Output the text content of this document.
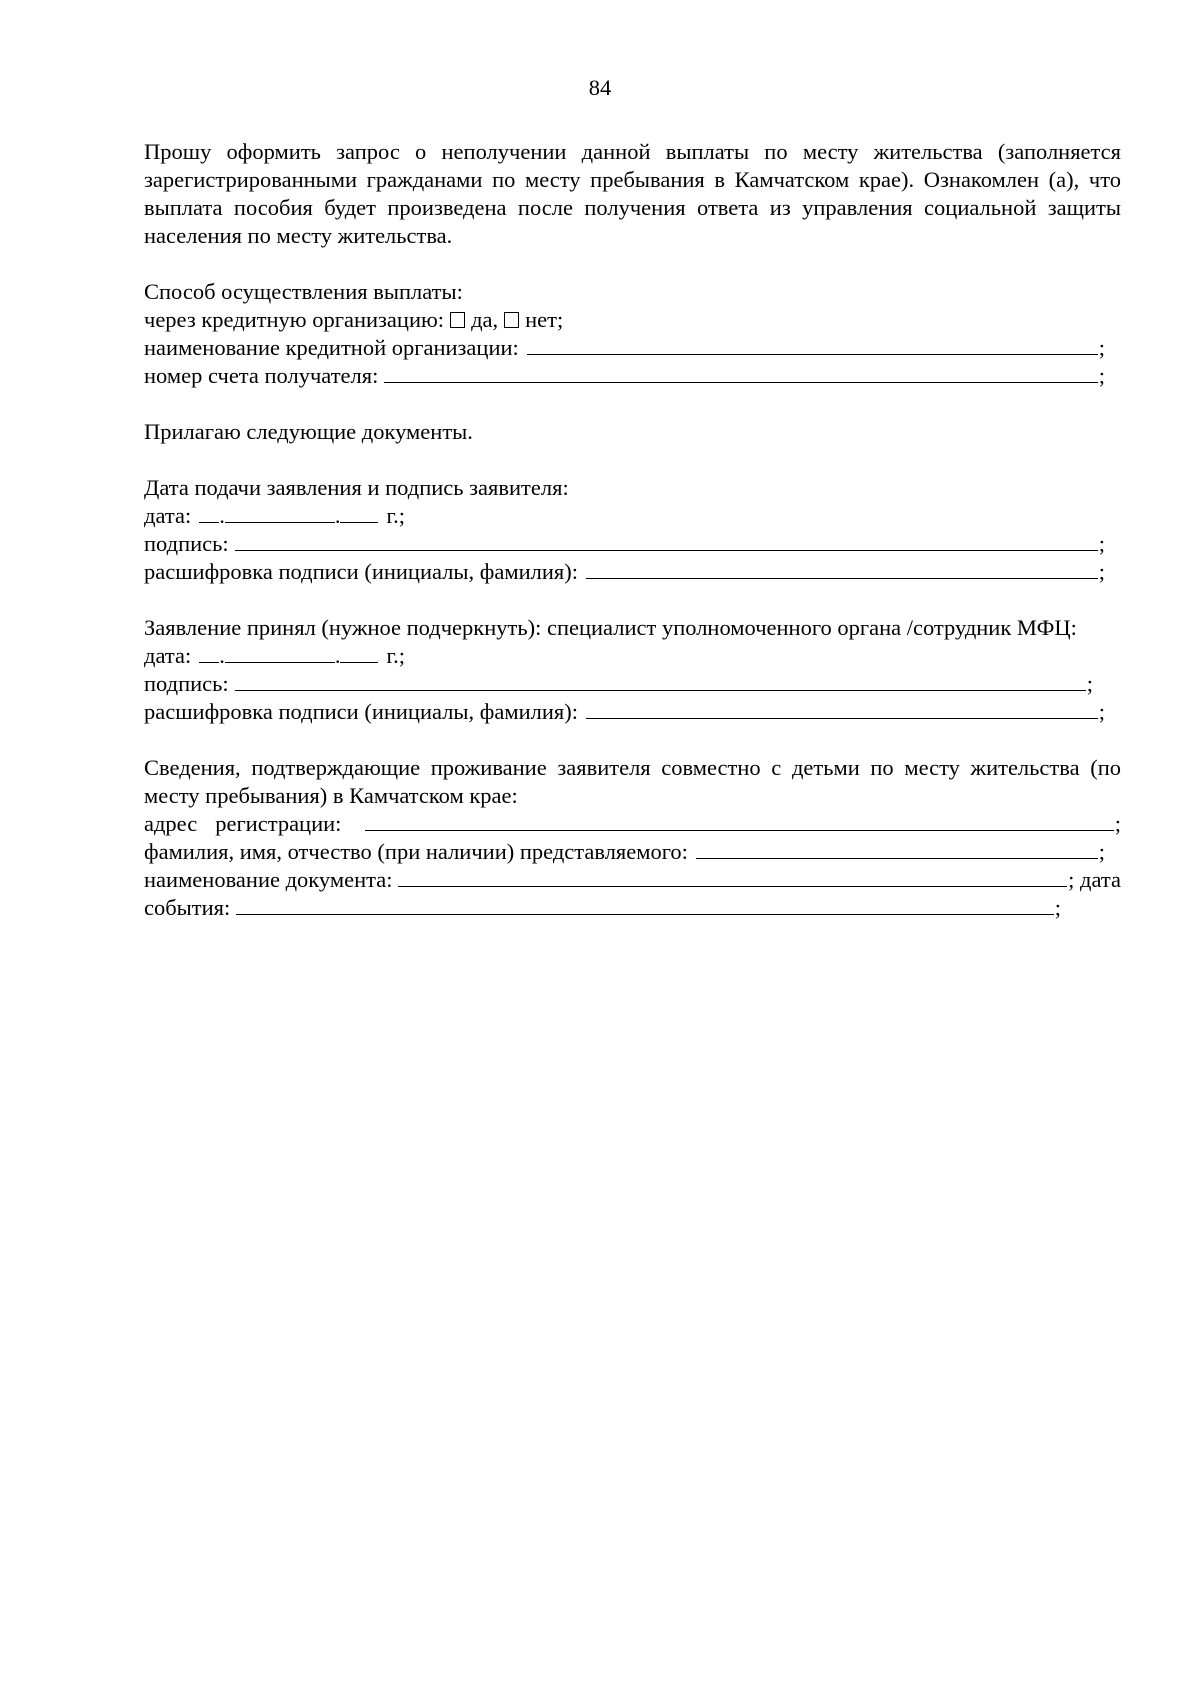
84
Прошу оформить запрос о неполучении данной выплаты по месту жительства (заполняется зарегистрированными гражданами по месту пребывания в Камчатском крае). Ознакомлен (а), что выплата пособия будет произведена после получения ответа из управления социальной защиты населения по месту жительства.
Способ осуществления выплаты:
через кредитную организацию: да, нет;
наименование кредитной организации:	;
номер счета получателя:	;
Прилагаю следующие документы.
Дата подачи заявления и подпись заявителя:
дата: .	. г.;
подпись:	;
расшифровка подписи (инициалы, фамилия):	;
Заявление принял (нужное подчеркнуть): специалист уполномоченного органа /сотрудник МФЦ:
дата: .	. г.;
подпись:	;
расшифровка подписи (инициалы, фамилия):	;
Сведения, подтверждающие проживание заявителя совместно с детьми по месту жительства (по месту пребывания) в Камчатском крае:
адрес регистрации:	;
фамилия, имя, отчество (при наличии) представляемого:	;
наименование документа:	; дата
события:	;
